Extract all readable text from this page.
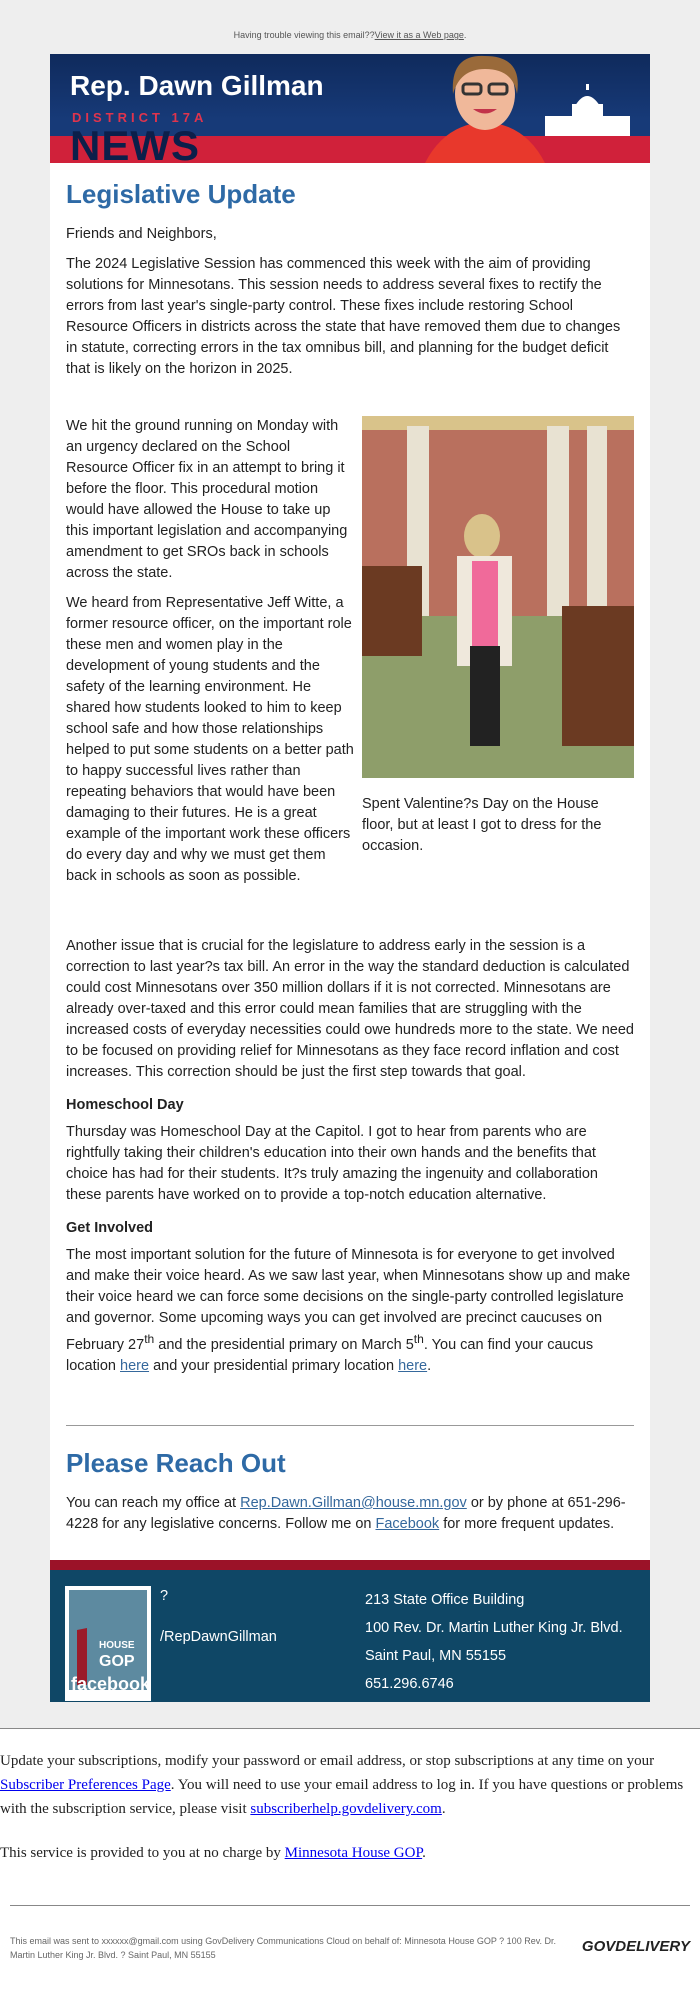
Having trouble viewing this email??View it as a Web page.
Rep. Dawn Gillman
DISTRICT 17A
NEWS
Legislative Update

Friends and Neighbors,

The 2024 Legislative Session has commenced this week with the aim of providing solutions for Minnesotans. This session needs to address several fixes to rectify the errors from last year's single-party control. These fixes include restoring School Resource Officers in districts across the state that have removed them due to changes in statute, correcting errors in the tax omnibus bill, and planning for the budget deficit that is likely on the horizon in 2025.

We hit the ground running on Monday with an urgency declared on the School Resource Officer fix in an attempt to bring it before the floor. This procedural motion would have allowed the House to take up this important legislation and accompanying amendment to get SROs back in schools across the state.

We heard from Representative Jeff Witte, a former resource officer, on the important role these men and women play in the development of young students and the safety of the learning environment. He shared how students looked to him to keep school safe and how those relationships helped to put some students on a better path to happy successful lives rather than repeating behaviors that would have been damaging to their futures. He is a great example of the important work these officers do every day and why we must get them back in schools as soon as possible.

Spent Valentine?s Day on the House floor, but at least I got to dress for the occasion.

Another issue that is crucial for the legislature to address early in the session is a correction to last year?s tax bill. An error in the way the standard deduction is calculated could cost Minnesotans over 350 million dollars if it is not corrected. Minnesotans are already over-taxed and this error could mean families that are struggling with the increased costs of everyday necessities could owe hundreds more to the state. We need to be focused on providing relief for Minnesotans as they face record inflation and cost increases. This correction should be just the first step towards that goal.

Homeschool Day

Thursday was Homeschool Day at the Capitol. I got to hear from parents who are rightfully taking their children's education into their own hands and the benefits that choice has had for their students. It?s truly amazing the ingenuity and collaboration these parents have worked on to provide a top-notch education alternative.

Get Involved

The most important solution for the future of Minnesota is for everyone to get involved and make their voice heard. As we saw last year, when Minnesotans show up and make their voice heard we can force some decisions on the single-party controlled legislature and governor. Some upcoming ways you can get involved are precinct caucuses on February 27th and the presidential primary on March 5th. You can find your caucus location here and your presidential primary location here.

Please Reach Out

You can reach my office at Rep.Dawn.Gillman@house.mn.gov or by phone at 651-296-4228 for any legislative concerns. Follow me on Facebook for more frequent updates.

HOUSE
GOP
facebook
?
/RepDawnGillman
213 State Office Building
100 Rev. Dr. Martin Luther King Jr. Blvd.
Saint Paul, MN 55155
651.296.6746

Update your subscriptions, modify your password or email address, or stop subscriptions at any time on your Subscriber Preferences Page. You will need to use your email address to log in. If you have questions or problems with the subscription service, please visit subscriberhelp.govdelivery.com.

This service is provided to you at no charge by Minnesota House GOP.

This email was sent to xxxxxx@gmail.com using GovDelivery Communications Cloud on behalf of: Minnesota House GOP ? 100 Rev. Dr. Martin Luther King Jr. Blvd. ? Saint Paul, MN 55155	GOVDELIVERY
